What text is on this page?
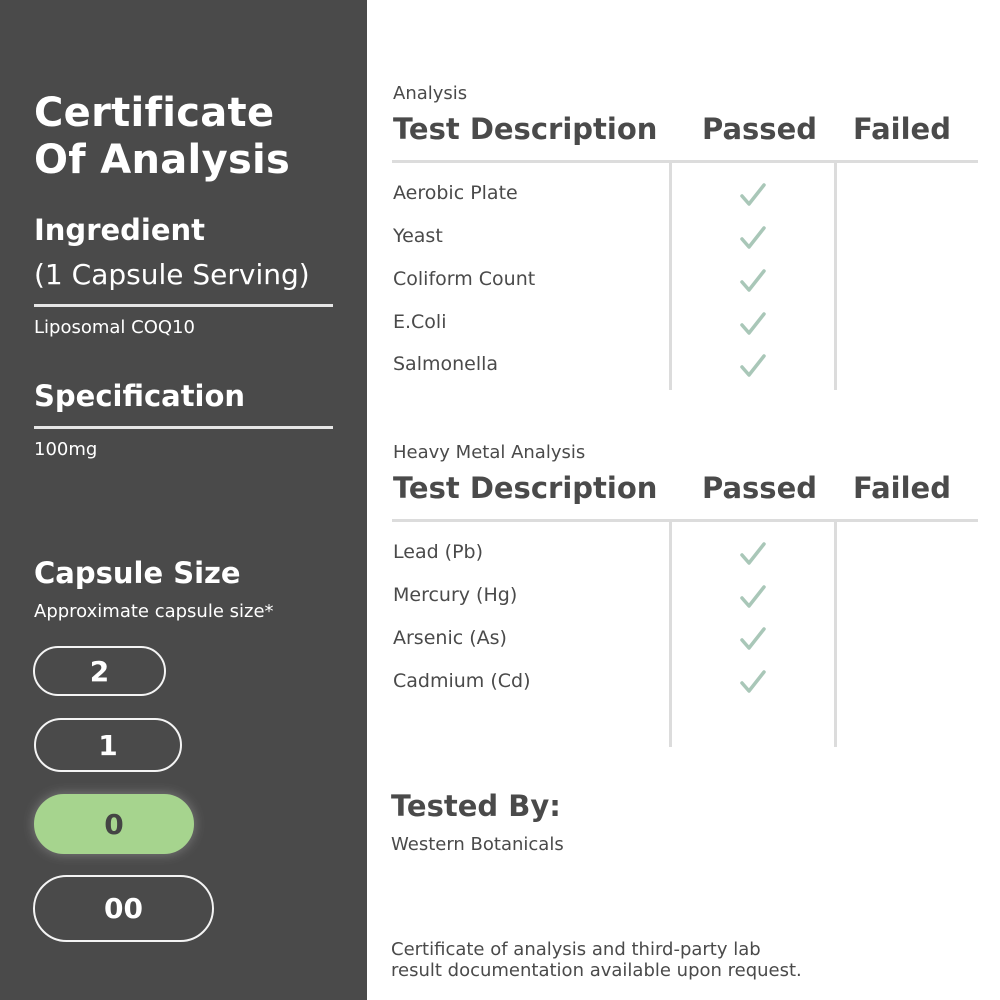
Certificate
Of Analysis
Ingredient
(1 Capsule Serving)
Liposomal COQ10
Specification
100mg
Capsule Size
Approximate capsule size*
2
1
0
00
Analysis
Test Description Passed Failed
Aerobic Plate
Yeast
Coliform Count
E.Coli
Salmonella
Heavy Metal Analysis
Test Description Passed Failed
Lead (Pb)
Mercury (Hg)
Arsenic (As)
Cadmium (Cd)
Tested By:
Western Botanicals
Certificate of analysis and third-party lab
result documentation available upon request.
